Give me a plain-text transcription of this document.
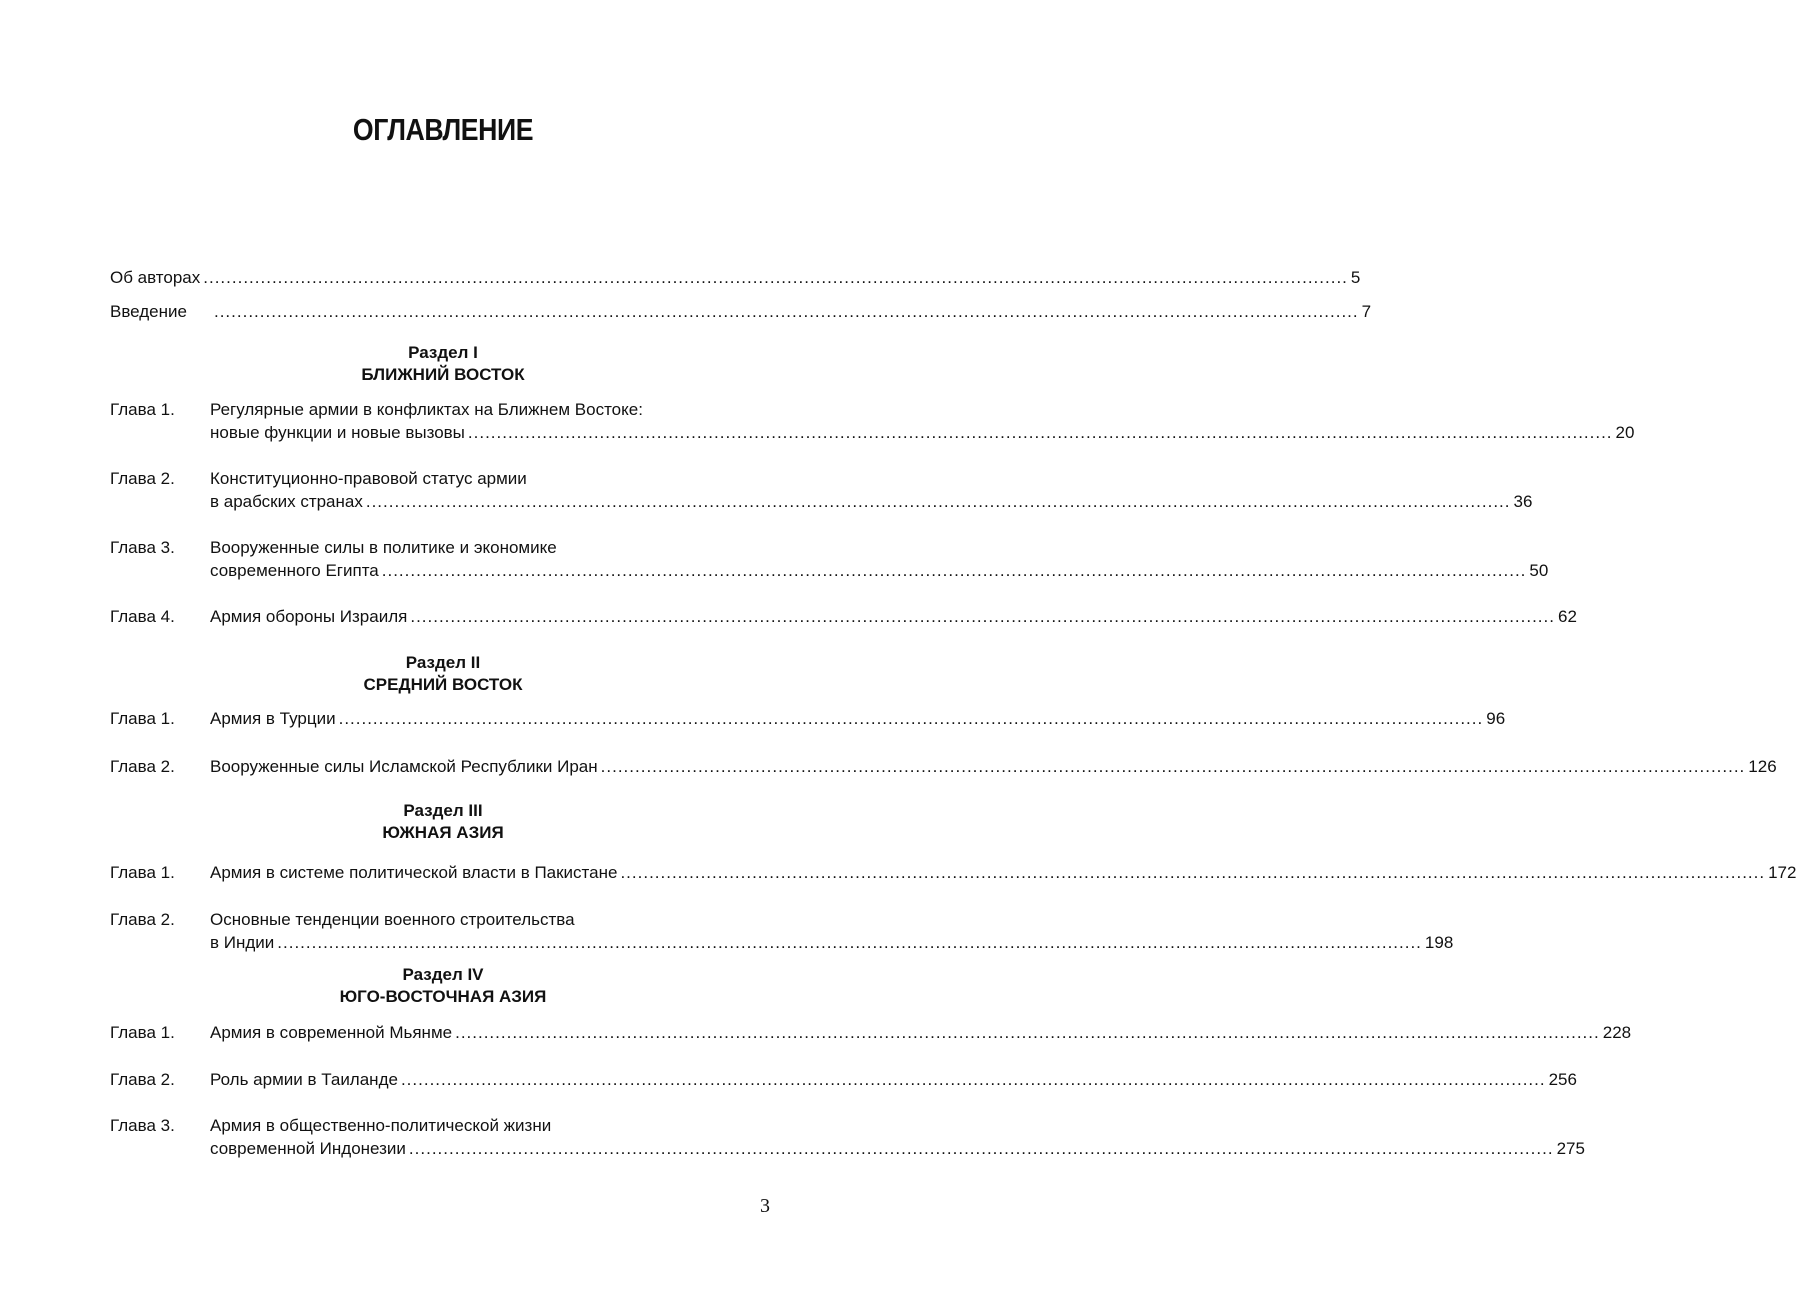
ОГЛАВЛЕНИЕ
Об авторах ........................................................................................................................................................................................................ 5
Введение ........................................................................................................................................................................................................ 7
Раздел I
БЛИЖНИЙ ВОСТОК
Глава 1. Регулярные армии в конфликтах на Ближнем Востоке:
новые функции и новые вызовы ........................................................................................................................................................................................................ 20
Глава 2. Конституционно-правовой статус армии
в арабских странах ........................................................................................................................................................................................................ 36
Глава 3. Вооруженные силы в политике и экономике
современного Египта ........................................................................................................................................................................................................ 50
Глава 4. Армия обороны Израиля ........................................................................................................................................................................................................ 62
Раздел II
СРЕДНИЙ ВОСТОК
Глава 1. Армия в Турции ........................................................................................................................................................................................................ 96
Глава 2. Вооруженные силы Исламской Республики Иран ........................................................................................................................................................................................................ 126
Раздел III
ЮЖНАЯ АЗИЯ
Глава 1. Армия в системе политической власти в Пакистане ........................................................................................................................................................................................................ 172
Глава 2. Основные тенденции военного строительства
в Индии ........................................................................................................................................................................................................ 198
Раздел IV
ЮГО-ВОСТОЧНАЯ АЗИЯ
Глава 1. Армия в современной Мьянме ........................................................................................................................................................................................................ 228
Глава 2. Роль армии в Таиланде ........................................................................................................................................................................................................ 256
Глава 3. Армия в общественно-политической жизни
современной Индонезии ........................................................................................................................................................................................................ 275
3
